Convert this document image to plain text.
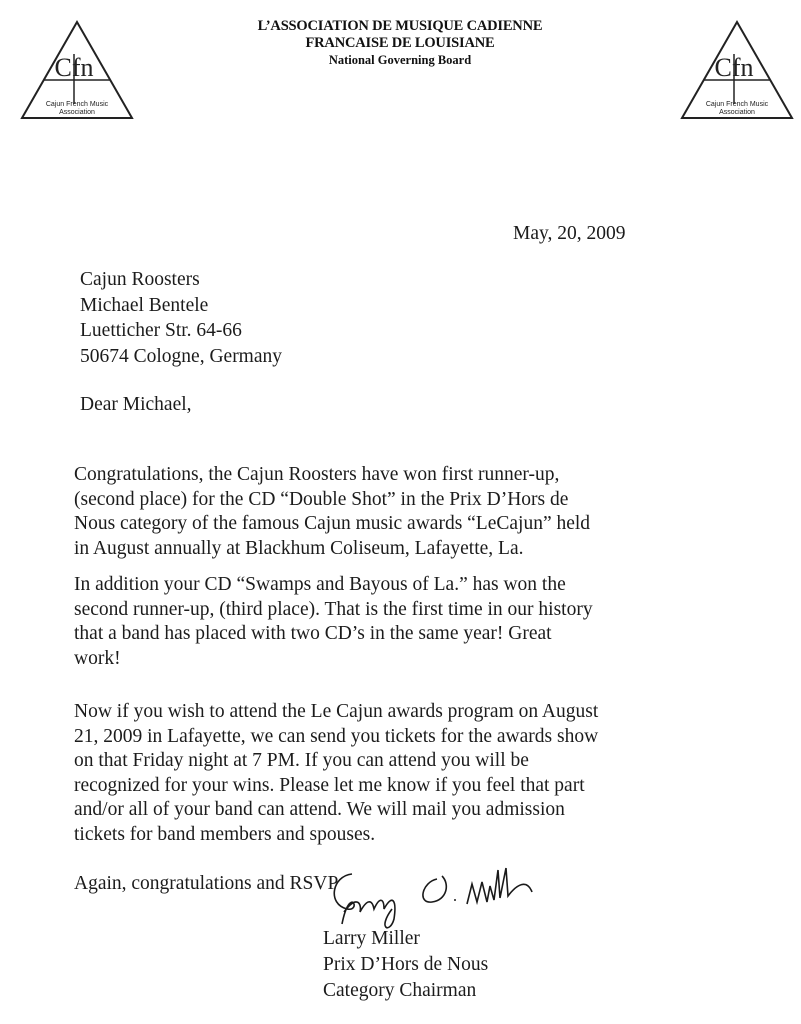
Cfn
Cajun French Music
Association
L’ASSOCIATION DE MUSIQUE CADIENNE
FRANCAISE DE LOUISIANE
National Governing Board	Cfn
Cajun French Music
Association
May, 20, 2009
Cajun Roosters
Michael Bentele
Luetticher Str. 64-66
50674 Cologne, Germany
Dear Michael,
Congratulations, the Cajun Roosters have won first runner-up,
(second place) for the CD “Double Shot” in the Prix D’Hors de
Nous category of the famous Cajun music awards “LeCajun” held
in August annually at Blackhum Coliseum, Lafayette, La.
In addition your CD “Swamps and Bayous of La.” has won the
second runner-up, (third place). That is the first time in our history
that a band has placed with two CD’s in the same year! Great
work!
Now if you wish to attend the Le Cajun awards program on August
21, 2009 in Lafayette, we can send you tickets for the awards show
on that Friday night at 7 PM. If you can attend you will be
recognized for your wins. Please let me know if you feel that part
and/or all of your band can attend. We will mail you admission
tickets for band members and spouses.
Again, congratulations and RSVP
Larry Miller
Prix D’Hors de Nous
Category Chairman
